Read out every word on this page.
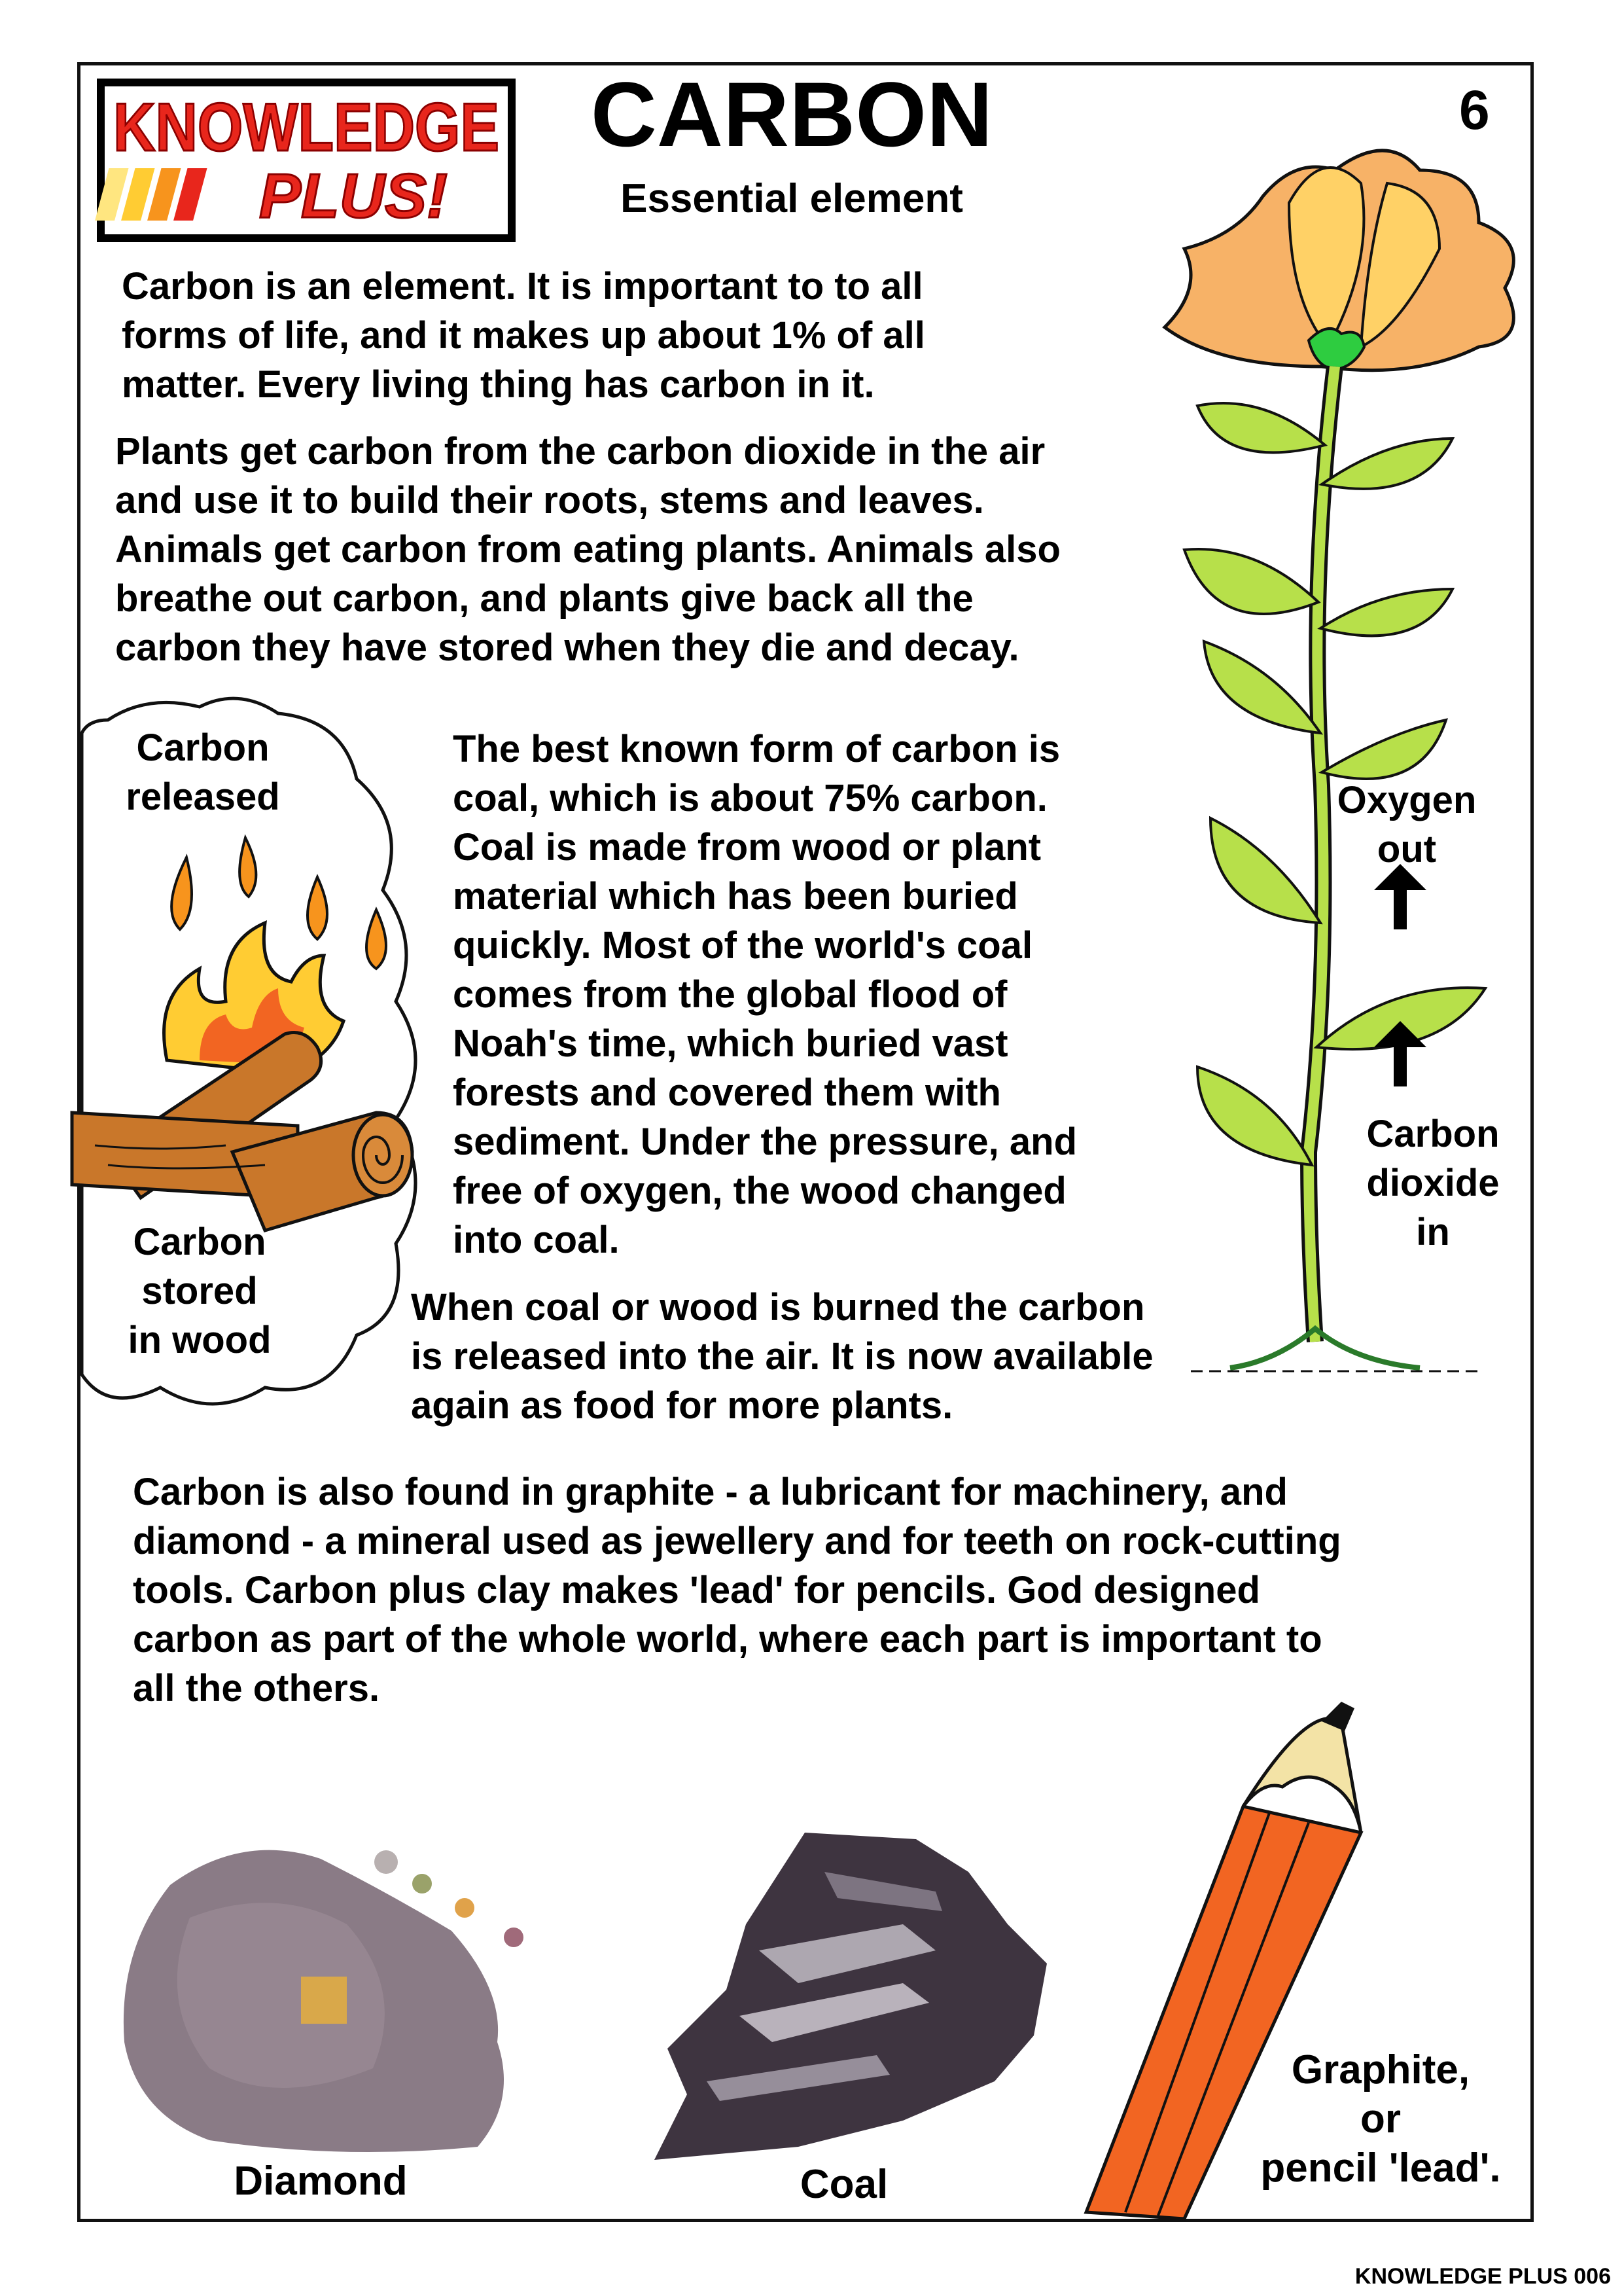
KNOWLEDGE
PLUS!
CARBON
Essential element
6
Carbon is an element. It is important to to all
forms of life, and it makes up about 1% of all
matter. Every living thing has carbon in it.
Plants get carbon from the carbon dioxide in the air
and use it to build their roots, stems and leaves.
Animals get carbon from eating plants. Animals also
breathe out carbon, and plants give back all the
carbon they have stored when they die and decay.
Carbon
released
Carbon
stored
in wood
The best known form of carbon is
coal, which is about 75% carbon.
Coal is made from wood or plant
material which has been buried
quickly. Most of the world's coal
comes from the global flood of
Noah's time, which buried vast
forests and covered them with
sediment. Under the pressure, and
free of oxygen, the wood changed
into coal.
When coal or wood is burned the carbon
is released into the air. It is now available
again as food for more plants.
Oxygen
out
Carbon
dioxide
in
Carbon is also found in graphite - a lubricant for machinery, and
diamond - a mineral used as jewellery and for teeth on rock-cutting
tools. Carbon plus clay makes 'lead' for pencils. God designed
carbon as part of the whole world, where each part is important to
all the others.
Diamond	Coal
Graphite,
or
pencil 'lead'.
KNOWLEDGE PLUS 006
